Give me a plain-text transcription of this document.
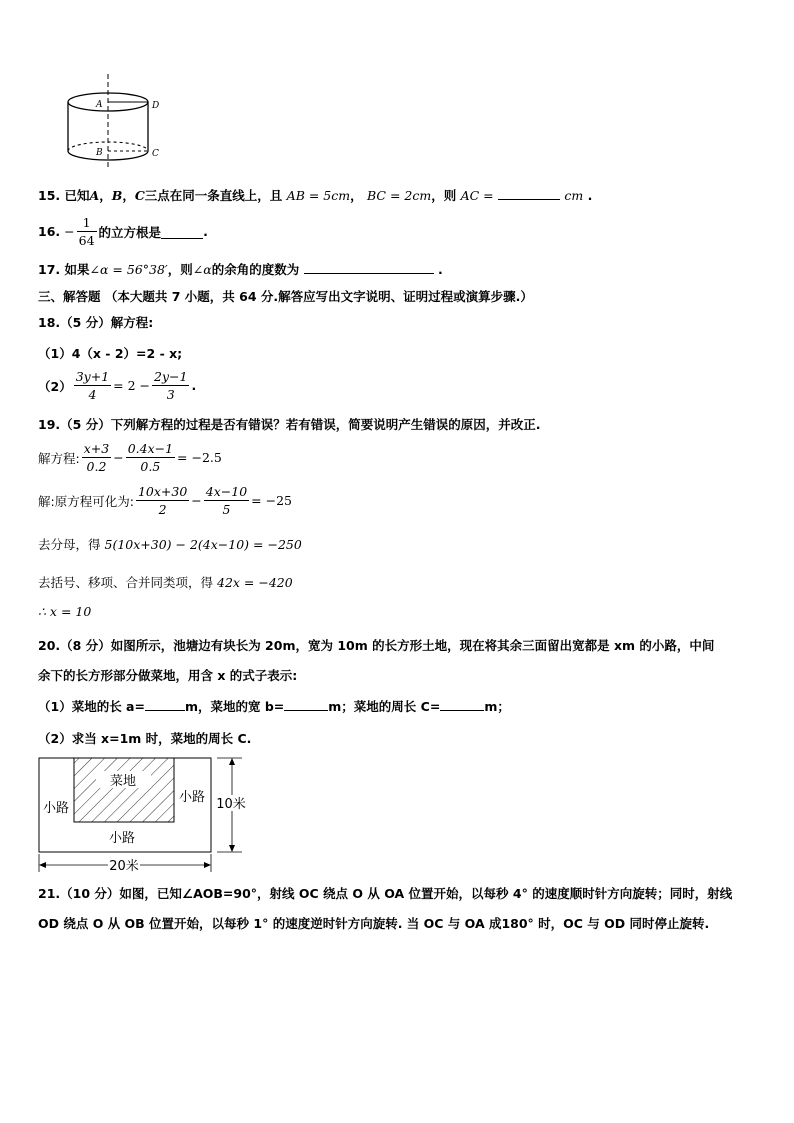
A	D
B	C
15. 已知A，B，C三点在同一条直线上，且 AB = 5cm， BC = 2cm，则 AC =	cm .
16. − $\frac{1}{64}$ 的立方根是	.
17. 如果∠α = 56°38′，则∠α的余角的度数为	.
三、解答题 （本大题共 7 小题，共 64 分.解答应写出文字说明、证明过程或演算步骤.）
18.（5 分）解方程:
（1）4（x - 2）=2 - x;
$(2) \frac{3y+1}{4} = 2 - \frac{2y-1}{3}$ .
19.（5 分）下列解方程的过程是否有错误？若有错误，简要说明产生错误的原因，并改正.
解方程: $\frac{x+3}{0.2} - \frac{0.4x-1}{0.5} = -2.5$
解:原方程可化为: $\frac{10x+30}{2} - \frac{4x-10}{5} = -25$
去分母，得 5(10x+30) − 2(4x−10) = −250
去括号、移项、合并同类项，得 42x = −420
∴ x = 10
20.（8 分）如图所示，池塘边有块长为 20m，宽为 10m 的长方形土地，现在将其余三面留出宽都是 xm 的小路，中间
余下的长方形部分做菜地，用含 x 的式子表示:
（1）菜地的长 a=	m，菜地的宽 b=	m；菜地的周长 C=	m；
（2）求当 x=1m 时，菜地的周长 C.
菜地
小路
小路
小路
10米
20米
21.（10 分）如图，已知∠AOB=90°，射线 OC 绕点 O 从 OA 位置开始，以每秒 4° 的速度顺时针方向旋转；同时，射线
OD 绕点 O 从 OB 位置开始，以每秒 1° 的速度逆时针方向旋转. 当 OC 与 OA 成180° 时，OC 与 OD 同时停止旋转.
